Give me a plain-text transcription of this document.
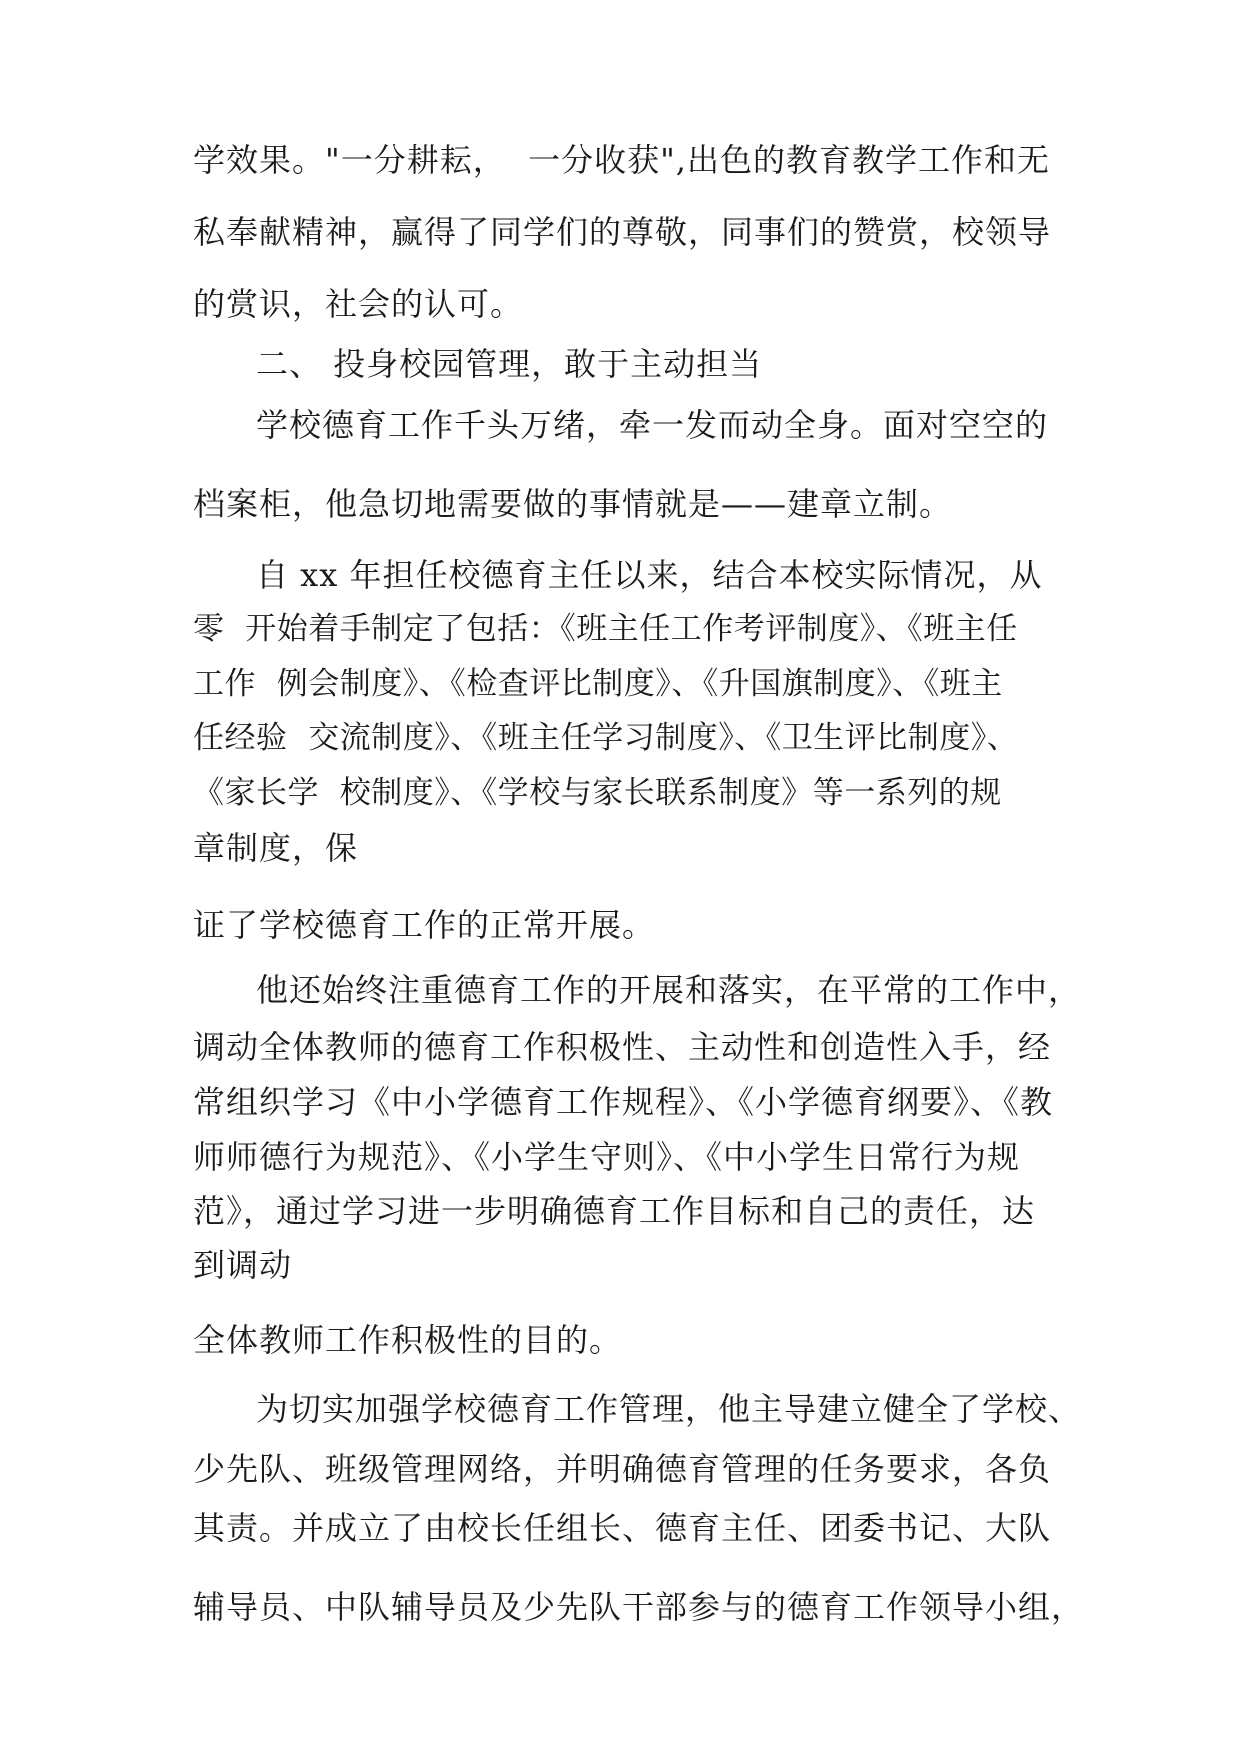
学效果。"一分耕耘，  一分收获",出色的教育教学工作和无
私奉献精神，赢得了同学们的尊敬，同事们的赞赏，校领导
的赏识，社会的认可。
二、 投身校园管理，敢于主动担当
学校德育工作千头万绪，牵一发而动全身。面对空空的
档案柜，他急切地需要做的事情就是——建章立制。
自 xx 年担任校德育主任以来，结合本校实际情况，从
零  开始着手制定了包括：《班主任工作考评制度》、《班主任
工作  例会制度》、《检查评比制度》、《升国旗制度》、《班主
任经验  交流制度》、《班主任学习制度》、《卫生评比制度》、
《家长学  校制度》、《学校与家长联系制度》等一系列的规
章制度，保
证了学校德育工作的正常开展。
他还始终注重德育工作的开展和落实，在平常的工作中，
调动全体教师的德育工作积极性、主动性和创造性入手，经
常组织学习《中小学德育工作规程》、《小学德育纲要》、《教
师师德行为规范》、《小学生守则》、《中小学生日常行为规
范》，通过学习进一步明确德育工作目标和自己的责任，达
到调动
全体教师工作积极性的目的。
为切实加强学校德育工作管理，他主导建立健全了学校、
少先队、班级管理网络，并明确德育管理的任务要求，各负
其责。并成立了由校长任组长、德育主任、团委书记、大队
辅导员、中队辅导员及少先队干部参与的德育工作领导小组，
